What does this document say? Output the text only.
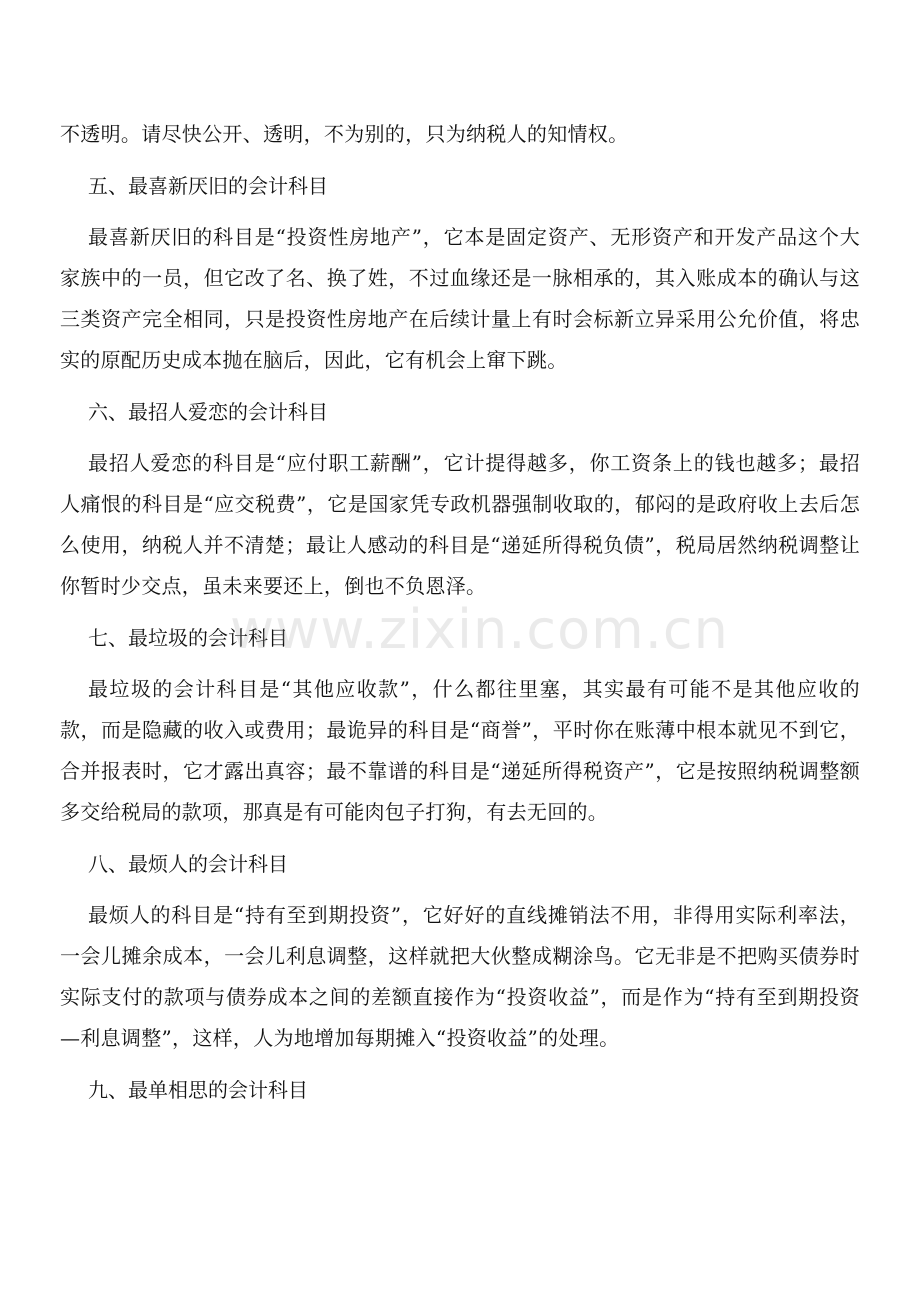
不透明。请尽快公开、透明，不为别的，只为纳税人的知情权。

五、最喜新厌旧的会计科目

最喜新厌旧的科目是“投资性房地产”，它本是固定资产、无形资产和开发产品这个大家族中的一员，但它改了名、换了姓，不过血缘还是一脉相承的，其入账成本的确认与这三类资产完全相同，只是投资性房地产在后续计量上有时会标新立异采用公允价值，将忠实的原配历史成本抛在脑后，因此，它有机会上窜下跳。

六、最招人爱恋的会计科目

最招人爱恋的科目是“应付职工薪酬”，它计提得越多，你工资条上的钱也越多；最招人痛恨的科目是“应交税费”，它是国家凭专政机器强制收取的，郁闷的是政府收上去后怎么使用，纳税人并不清楚；最让人感动的科目是“递延所得税负债”，税局居然纳税调整让你暂时少交点，虽未来要还上，倒也不负恩泽。

七、最垃圾的会计科目

最垃圾的会计科目是“其他应收款”，什么都往里塞，其实最有可能不是其他应收的款，而是隐藏的收入或费用；最诡异的科目是“商誉”，平时你在账薄中根本就见不到它，合并报表时，它才露出真容；最不靠谱的科目是“递延所得税资产”，它是按照纳税调整额多交给税局的款项，那真是有可能肉包子打狗，有去无回的。

八、最烦人的会计科目

最烦人的科目是“持有至到期投资”，它好好的直线摊销法不用，非得用实际利率法，一会儿摊余成本，一会儿利息调整，这样就把大伙整成糊涂鸟。它无非是不把购买债券时实际支付的款项与债券成本之间的差额直接作为“投资收益”，而是作为“持有至到期投资—利息调整”，这样，人为地增加每期摊入“投资收益”的处理。

九、最单相思的会计科目

www.zixin.com.cn
